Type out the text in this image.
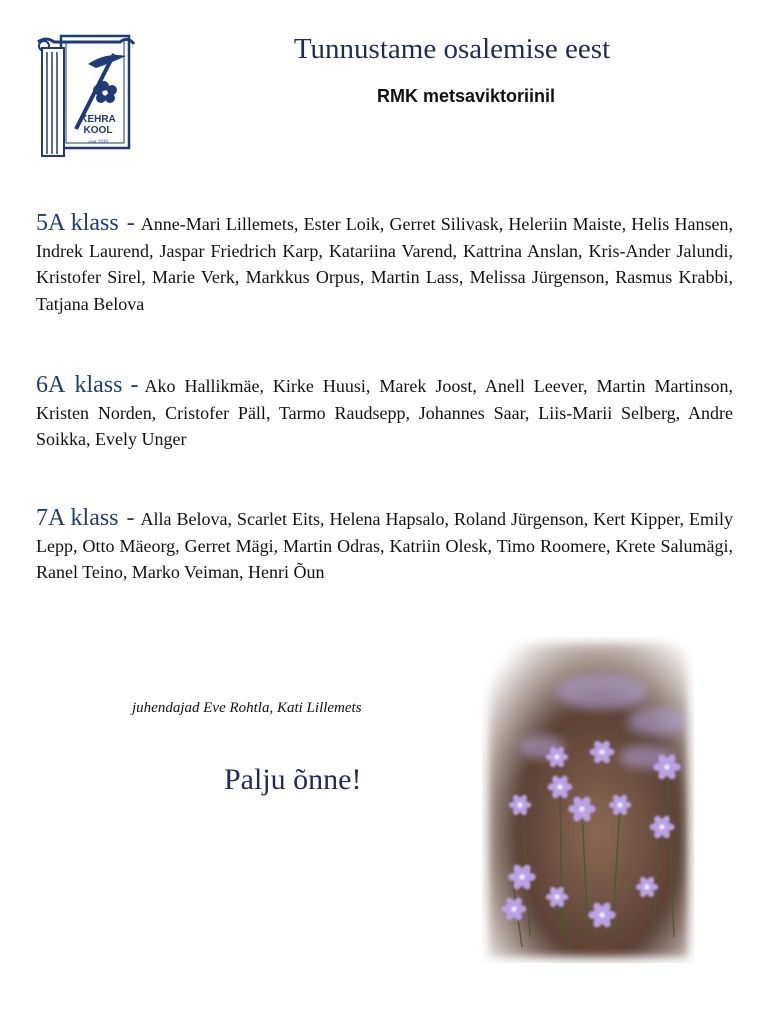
KEHRA
KOOL
asut 1939
Tunnustame osalemise eest

RMK metsaviktoriinil

5A klass - Anne-Mari Lillemets, Ester Loik, Gerret Silivask, Heleriin Maiste, Helis Hansen, Indrek Laurend, Jaspar Friedrich Karp, Katariina Varend, Kattrina Anslan, Kris-Ander Jalundi, Kristofer Sirel, Marie Verk, Markkus Orpus, Martin Lass, Melissa Jürgenson, Rasmus Krabbi, Tatjana Belova

6A klass - Ako Hallikmäe, Kirke Huusi, Marek Joost, Anell Leever, Martin Martinson, Kristen Norden, Cristofer Päll, Tarmo Raudsepp, Johannes Saar, Liis-Marii Selberg, Andre Soikka, Evely Unger

7A klass - Alla Belova, Scarlet Eits, Helena Hapsalo, Roland Jürgenson, Kert Kipper, Emily Lepp, Otto Mäeorg, Gerret Mägi, Martin Odras, Katriin Olesk, Timo Roomere, Krete Salumägi, Ranel Teino, Marko Veiman, Henri Õun

juhendajad Eve Rohtla, Kati Lillemets

Palju õnne!
